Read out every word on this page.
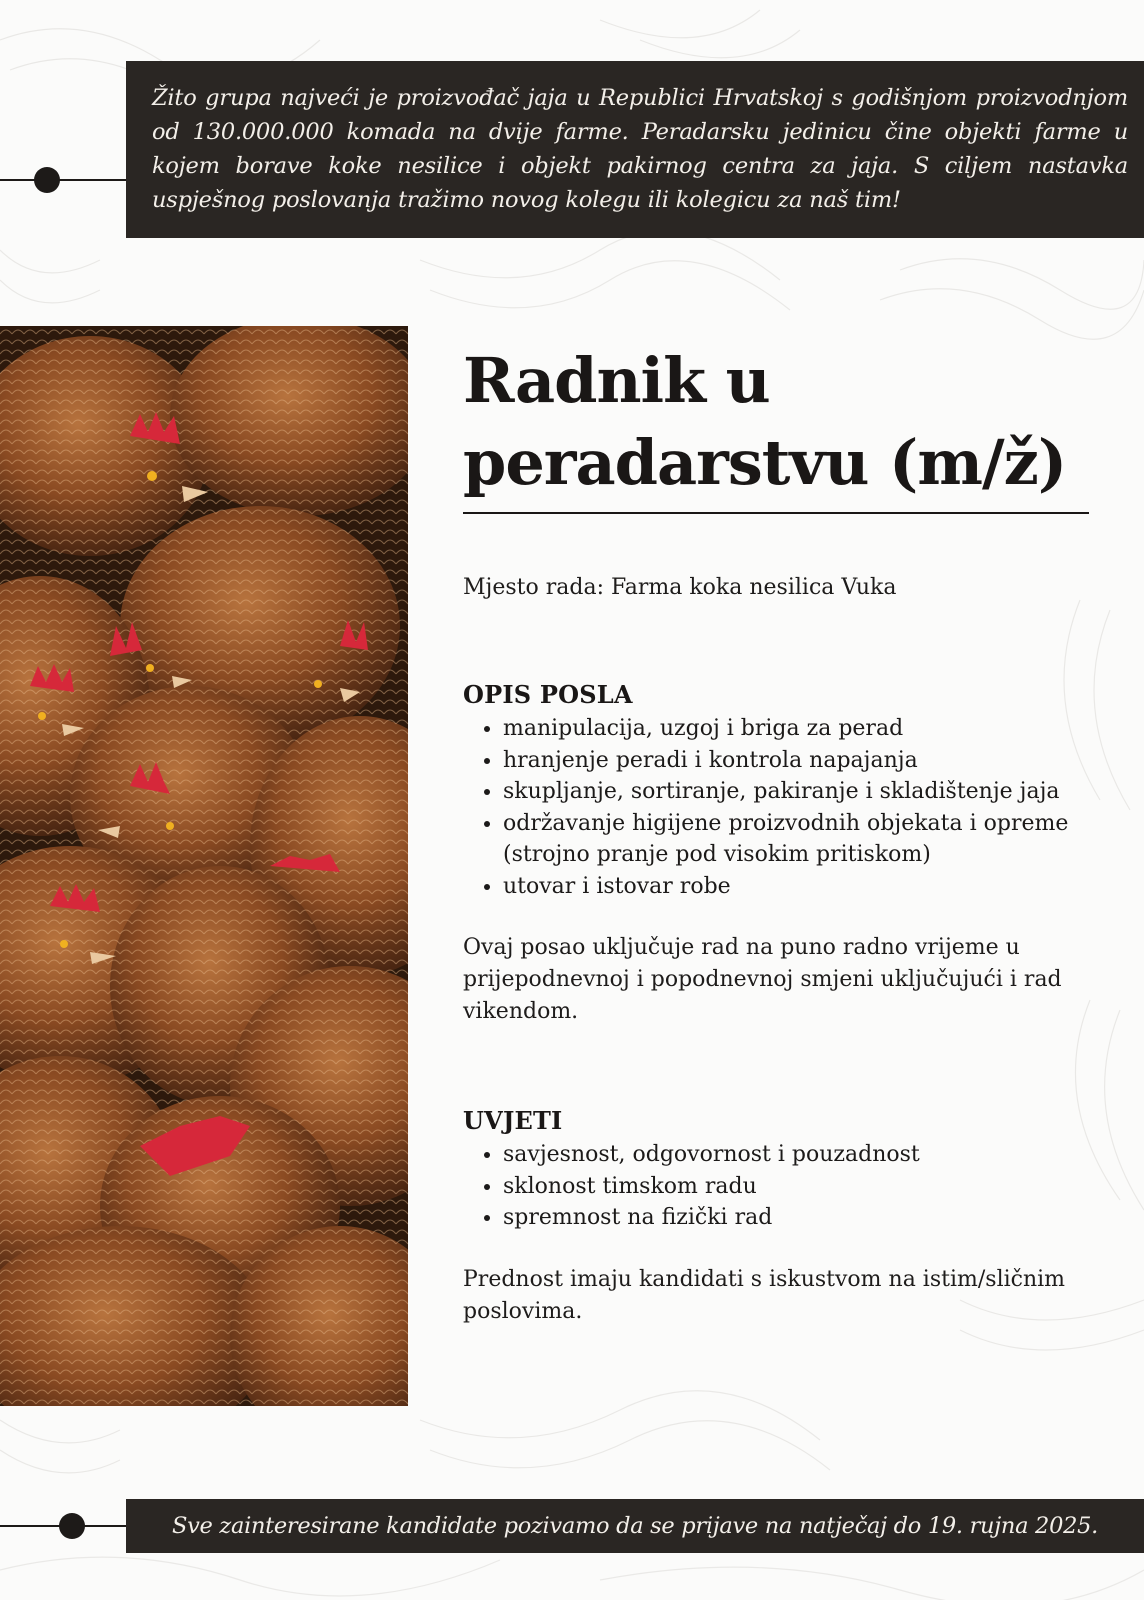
Žito grupa najveći je proizvođač jaja u Republici Hrvatskoj s godišnjom proizvodnjom od 130.000.000 komada na dvije farme. Peradarsku jedinicu čine objekti farme u kojem borave koke nesilice i objekt pakirnog centra za jaja. S ciljem nastavka uspješnog poslovanja tražimo novog kolegu ili kolegicu za naš tim!

Radnik u
peradarstvu (m/ž)

Mjesto rada: Farma koka nesilica Vuka

OPIS POSLA

• manipulacija, uzgoj i briga za perad
• hranjenje peradi i kontrola napajanja
• skupljanje, sortiranje, pakiranje i skladištenje jaja
• održavanje higijene proizvodnih objekata i opreme (strojno pranje pod visokim pritiskom)
• utovar i istovar robe

Ovaj posao uključuje rad na puno radno vrijeme u prijepodnevnoj i popodnevnoj smjeni uključujući i rad vikendom.

UVJETI

• savjesnost, odgovornost i pouzadnost
• sklonost timskom radu
• spremnost na fizički rad

Prednost imaju kandidati s iskustvom na istim/sličnim poslovima.

Sve zainteresirane kandidate pozivamo da se prijave na natječaj do 19. rujna 2025.
